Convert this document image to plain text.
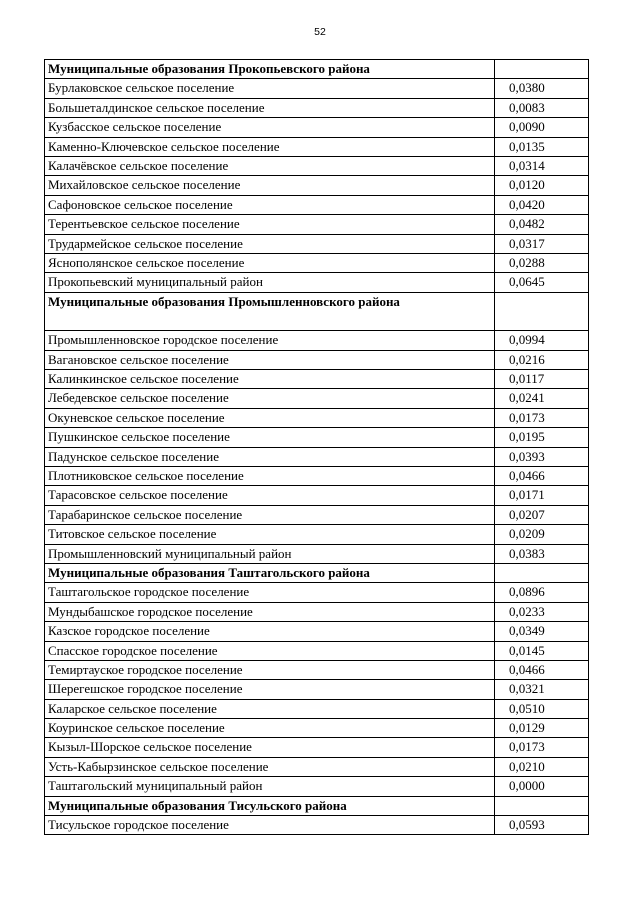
52
Муниципальные образования Прокопьевского района	
Бурлаковское сельское поселение	0,0380
Большеталдинское сельское поселение	0,0083
Кузбасское сельское поселение	0,0090
Каменно-Ключевское сельское поселение	0,0135
Калачёвское сельское поселение	0,0314
Михайловское сельское поселение	0,0120
Сафоновское сельское поселение	0,0420
Терентьевское сельское поселение	0,0482
Трудармейское сельское поселение	0,0317
Яснополянское сельское поселение	0,0288
Прокопьевский муниципальный район	0,0645
Муниципальные образования Промышленновского района	
Промышленновское городское поселение	0,0994
Вагановское сельское поселение	0,0216
Калинкинское сельское поселение	0,0117
Лебедевское сельское поселение	0,0241
Окуневское сельское поселение	0,0173
Пушкинское сельское поселение	0,0195
Падунское сельское поселение	0,0393
Плотниковское сельское поселение	0,0466
Тарасовское сельское поселение	0,0171
Тарабаринское сельское поселение	0,0207
Титовское сельское поселение	0,0209
Промышленновский муниципальный район	0,0383
Муниципальные образования Таштагольского района	
Таштагольское городское поселение	0,0896
Мундыбашское городское поселение	0,0233
Казское городское поселение	0,0349
Спасское городское поселение	0,0145
Темиртауское городское поселение	0,0466
Шерегешское городское поселение	0,0321
Каларское сельское поселение	0,0510
Коуринское сельское поселение	0,0129
Кызыл-Шорское сельское поселение	0,0173
Усть-Кабырзинское сельское поселение	0,0210
Таштагольский муниципальный район	0,0000
Муниципальные образования Тисульского района	
Тисульское городское поселение	0,0593
